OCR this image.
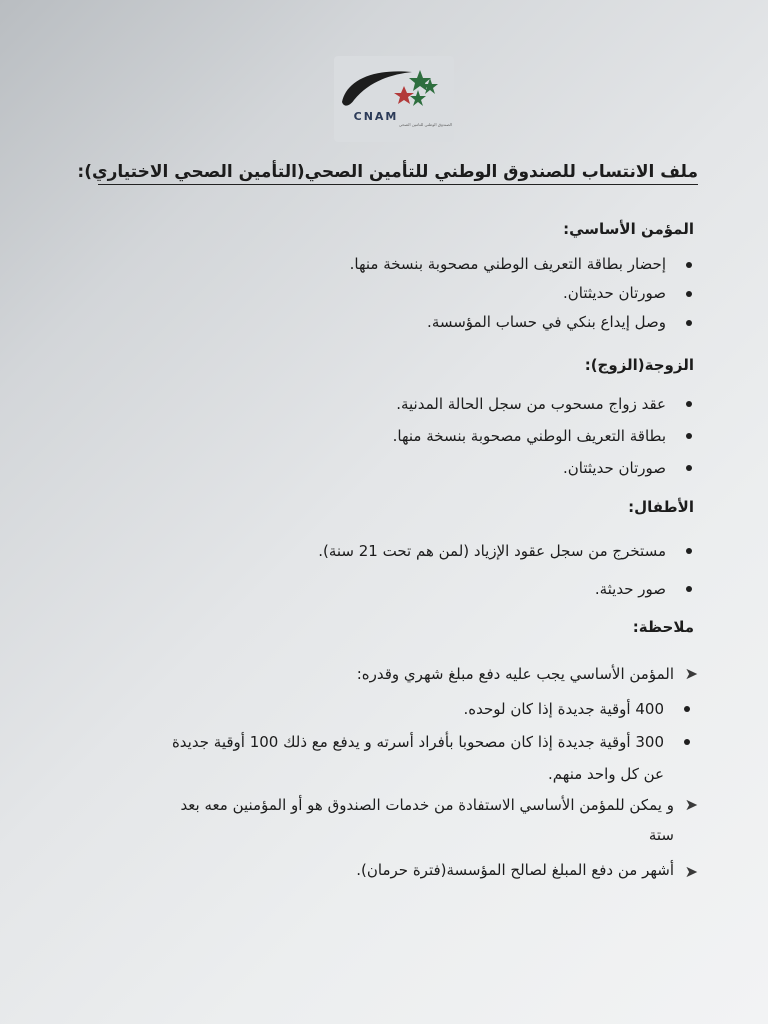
CNAM
الصندوق الوطني للتأمين الصحي
ملف الانتساب للصندوق الوطني للتأمين الصحي(التأمين الصحي الاختياري):
المؤمن الأساسي:
إحضار بطاقة التعريف الوطني مصحوبة بنسخة منها.
صورتان حديثتان.
وصل إيداع بنكي في حساب المؤسسة.
الزوجة(الزوج):
عقد زواج مسحوب من سجل الحالة المدنية.
بطاقة التعريف الوطني مصحوبة بنسخة منها.
صورتان حديثتان.
الأطفال:
مستخرج من سجل عقود الإزياد (لمن هم تحت 21 سنة).
صور حديثة.
ملاحظة:
➤
المؤمن الأساسي يجب عليه دفع مبلغ شهري وقدره:
400 أوقية جديدة إذا كان لوحده.
300 أوقية جديدة إذا كان مصحوبا بأفراد أسرته و يدفع مع ذلك 100 أوقية جديدة
عن كل واحد منهم.
➤
و يمكن للمؤمن الأساسي الاستفادة من خدمات الصندوق هو أو المؤمنين معه بعد
ستة
➤
أشهر من دفع المبلغ لصالح المؤسسة(فترة حرمان).
